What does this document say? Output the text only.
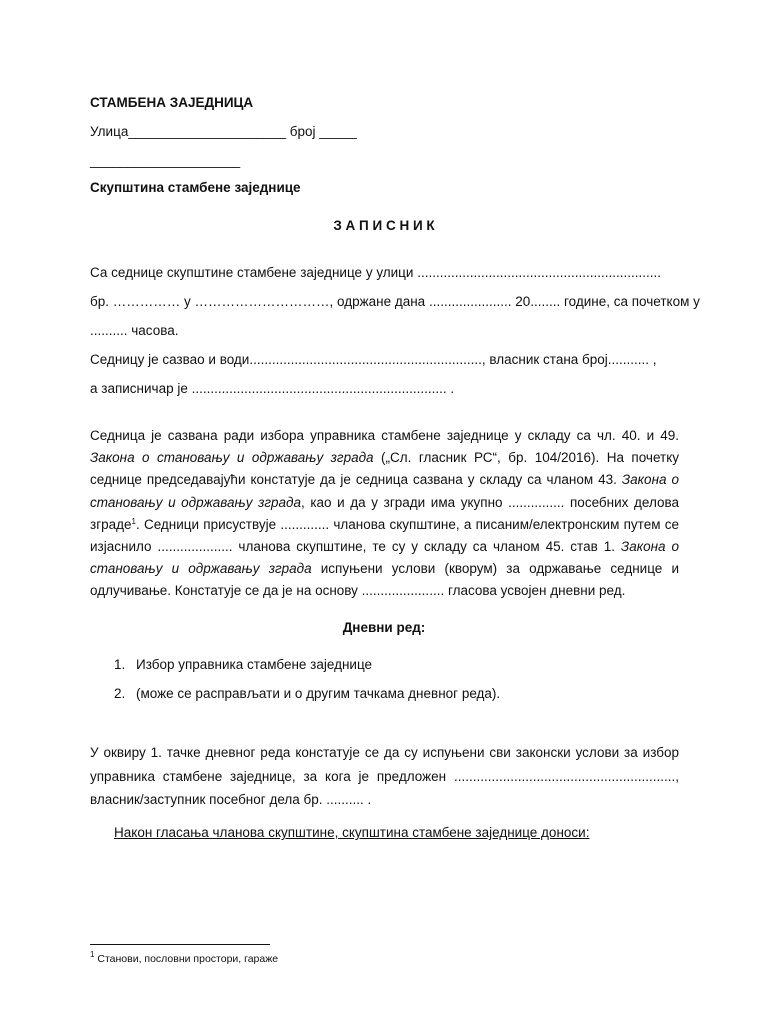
СТАМБЕНА ЗАЈЕДНИЦА
Улица_____________________ број _____
____________________
Скупштина стамбене заједнице
З А П И С Н И К
Са седнице скупштине стамбене заједнице у улици .................................................................
бр. …………… у …………………………, одржане дана ...................... 20........ године, са почетком у
.......... часова.
Седницу је сазвао и води.............................................................., власник стана број........... ,
а записничар је .................................................................... .
Седница је сазвана ради избора управника стамбене заједнице у складу са чл. 40. и 49. Закона о становању и одржавању зграда („Сл. гласник РС“, бр. 104/2016). На почетку седнице председавајући констатује да је седница сазвана у складу са чланом 43. Закона о становању и одржавању зграда, као и да у згради има укупно ............... посебних делова зграде$^1$. Седници присуствује ............. чланова скупштине, а писаним/електронским путем се изјаснило .................... чланова скупштине, те су у складу са чланом 45. став 1. Закона о становању и одржавању зграда испуњени услови (кворум) за одржавање седнице и одлучивање. Констатује се да је на основу ...................... гласова усвојен дневни ред.
Дневни ред:
1. Избор управника стамбене заједнице
2. (може се расправљати и о другим тачкама дневног реда).
У оквиру 1. тачке дневног реда констатује се да су испуњени сви законски услови за избор управника стамбене заједнице, за кога је предложен ..........................................................., власник/заступник посебног дела бр. .......... .
Након гласања чланова скупштине, скупштина стамбене заједнице доноси:
$^1$ Станови, пословни простори, гараже
